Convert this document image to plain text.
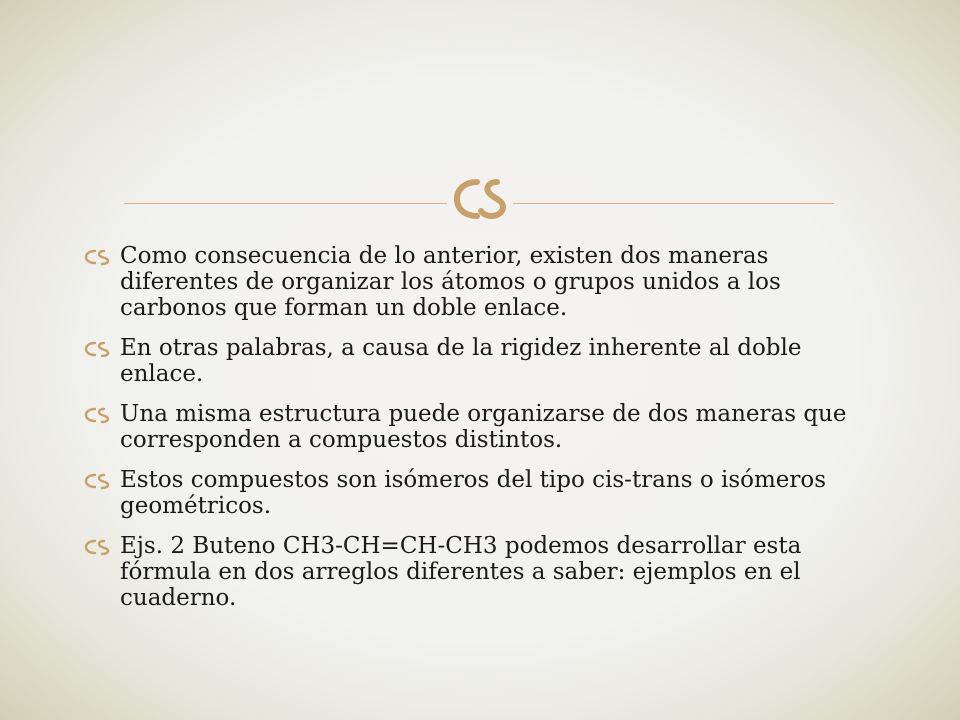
Como consecuencia de lo anterior, existen dos maneras diferentes de organizar los átomos o grupos unidos a los carbonos que forman un doble enlace.
En otras palabras, a causa de la rigidez inherente al doble enlace.
Una misma estructura puede organizarse de dos maneras que corresponden a compuestos distintos.
Estos compuestos son isómeros del tipo cis-trans o isómeros geométricos.
Ejs. 2 Buteno CH3-CH=CH-CH3 podemos desarrollar esta fórmula en dos arreglos diferentes a saber: ejemplos en el cuaderno.
